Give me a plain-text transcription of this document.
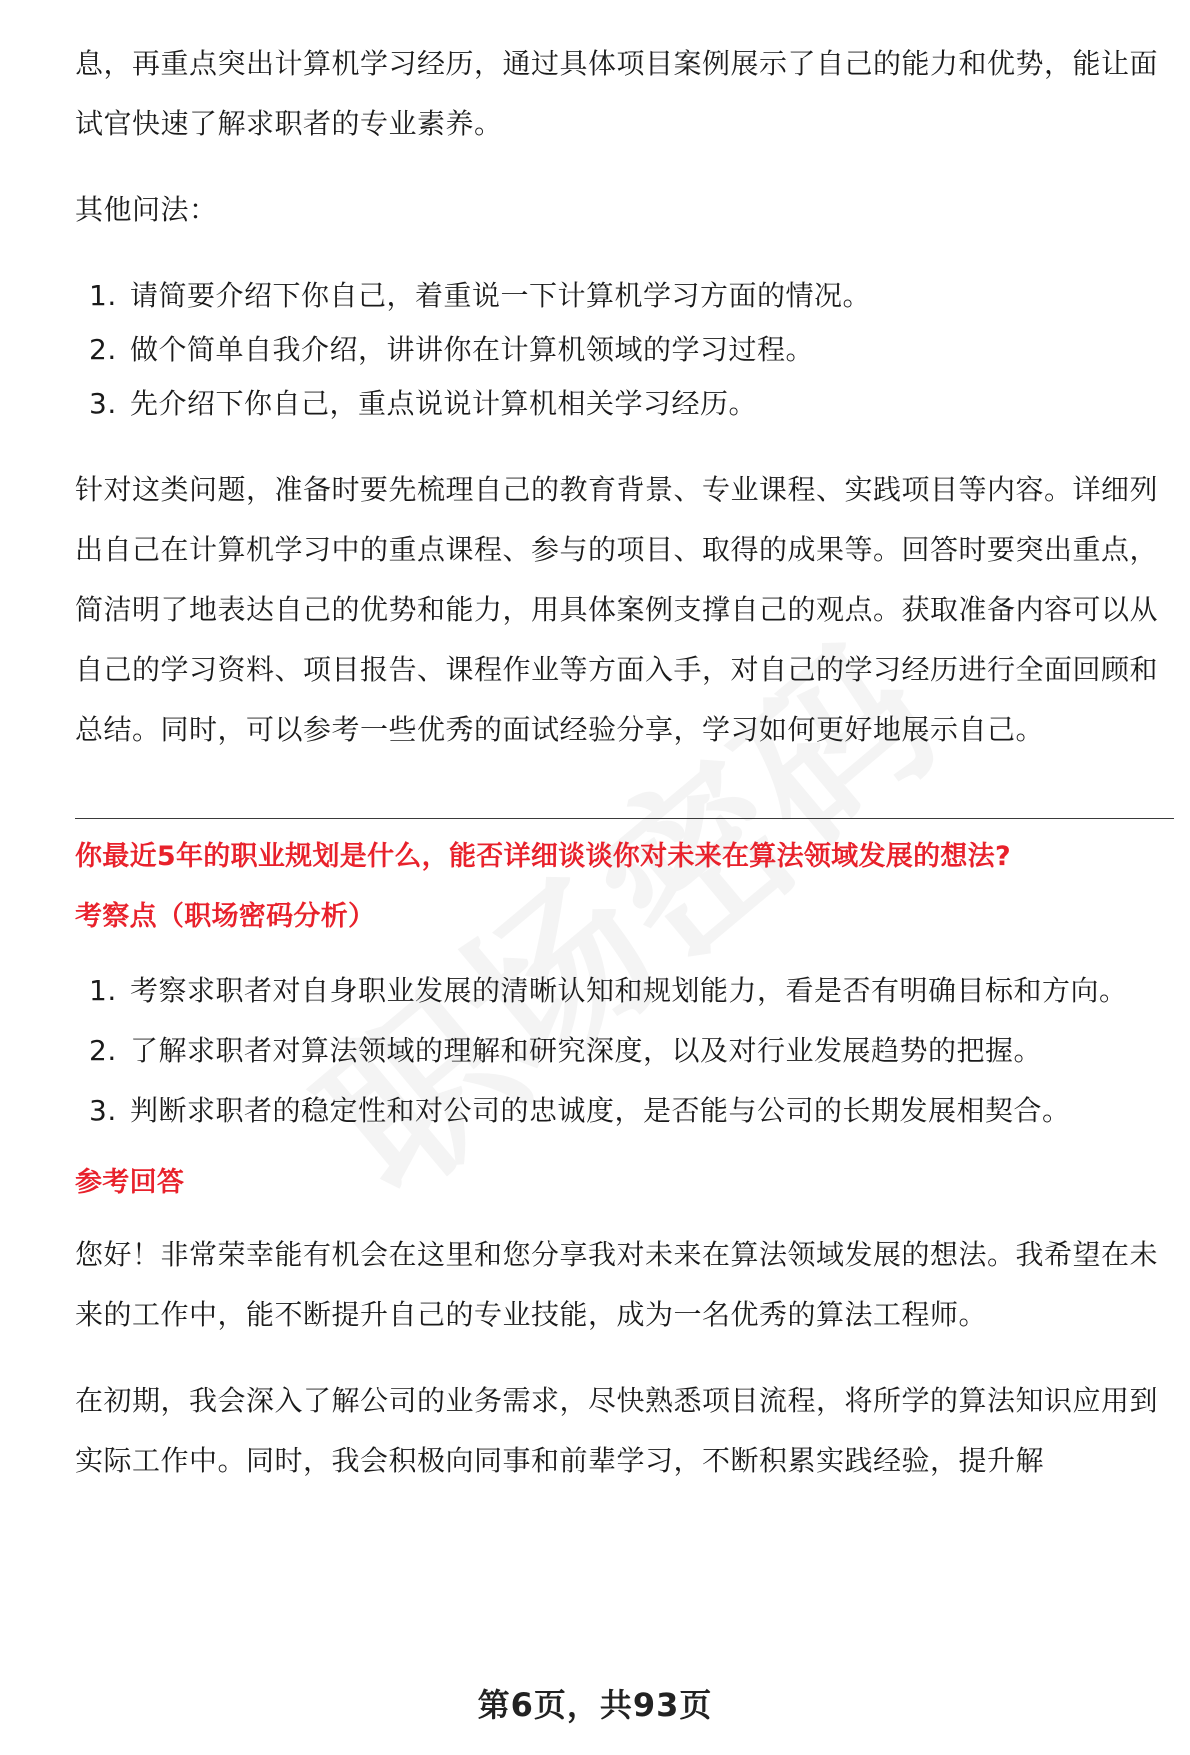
息，再重点突出计算机学习经历，通过具体项目案例展示了自己的能力和优势，能让面试官快速了解求职者的专业素养。

其他问法：

1. 请简要介绍下你自己，着重说一下计算机学习方面的情况。
2. 做个简单自我介绍，讲讲你在计算机领域的学习过程。
3. 先介绍下你自己，重点说说计算机相关学习经历。

针对这类问题，准备时要先梳理自己的教育背景、专业课程、实践项目等内容。详细列出自己在计算机学习中的重点课程、参与的项目、取得的成果等。回答时要突出重点，简洁明了地表达自己的优势和能力，用具体案例支撑自己的观点。获取准备内容可以从自己的学习资料、项目报告、课程作业等方面入手，对自己的学习经历进行全面回顾和总结。同时，可以参考一些优秀的面试经验分享，学习如何更好地展示自己。

你最近5年的职业规划是什么，能否详细谈谈你对未来在算法领域发展的想法?

考察点（职场密码分析）

1. 考察求职者对自身职业发展的清晰认知和规划能力，看是否有明确目标和方向。
2. 了解求职者对算法领域的理解和研究深度，以及对行业发展趋势的把握。
3. 判断求职者的稳定性和对公司的忠诚度，是否能与公司的长期发展相契合。

参考回答

您好！非常荣幸能有机会在这里和您分享我对未来在算法领域发展的想法。我希望在未来的工作中，能不断提升自己的专业技能，成为一名优秀的算法工程师。

在初期，我会深入了解公司的业务需求，尽快熟悉项目流程，将所学的算法知识应用到实际工作中。同时，我会积极向同事和前辈学习，不断积累实践经验，提升解

第6页，共93页
